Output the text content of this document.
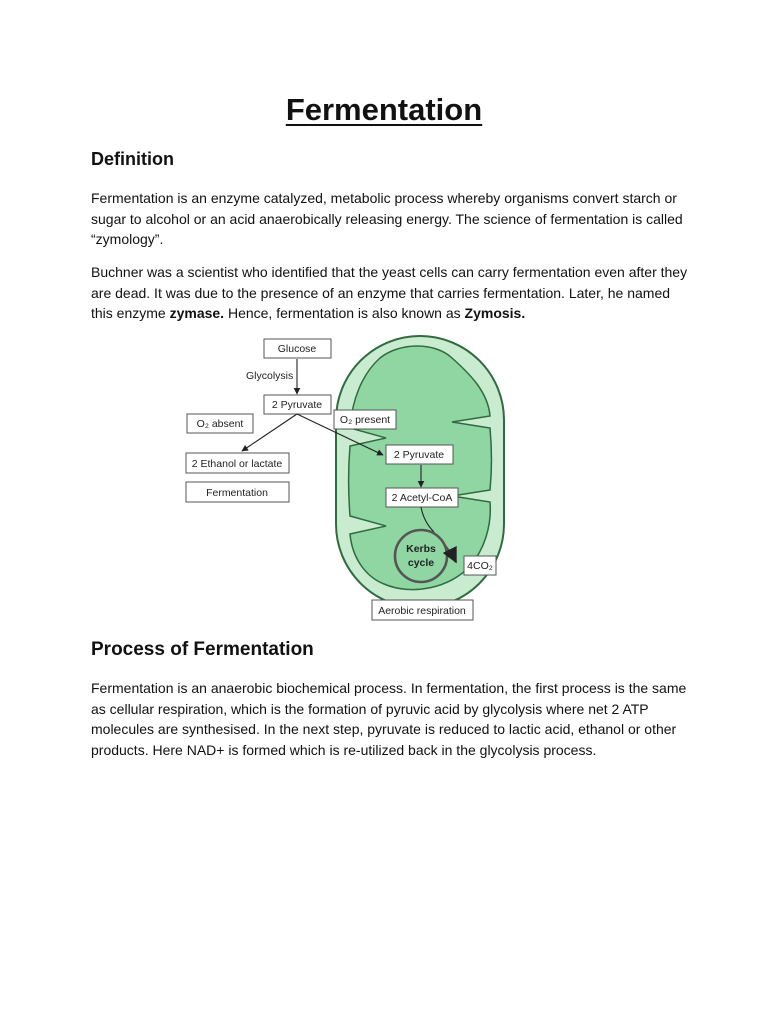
Fermentation
Definition

Fermentation is an enzyme catalyzed, metabolic process whereby organisms convert starch or sugar to alcohol or an acid anaerobically releasing energy. The science of fermentation is called “zymology”.

Buchner was a scientist who identified that the yeast cells can carry fermentation even after they are dead. It was due to the presence of an enzyme that carries fermentation. Later, he named this enzyme zymase. Hence, fermentation is also known as Zymosis.

Glucose
Glycolysis
2 Pyruvate
O₂ absent	O₂ present
2 Ethanol or lactate
Fermentation
2 Pyruvate
2 Acetyl-CoA
Kerbs
cycle	4CO₂
Aerobic respiration
Process of Fermentation

Fermentation is an anaerobic biochemical process. In fermentation, the first process is the same as cellular respiration, which is the formation of pyruvic acid by glycolysis where net 2 ATP molecules are synthesised. In the next step, pyruvate is reduced to lactic acid, ethanol or other products. Here NAD+ is formed which is re-utilized back in the glycolysis process.
